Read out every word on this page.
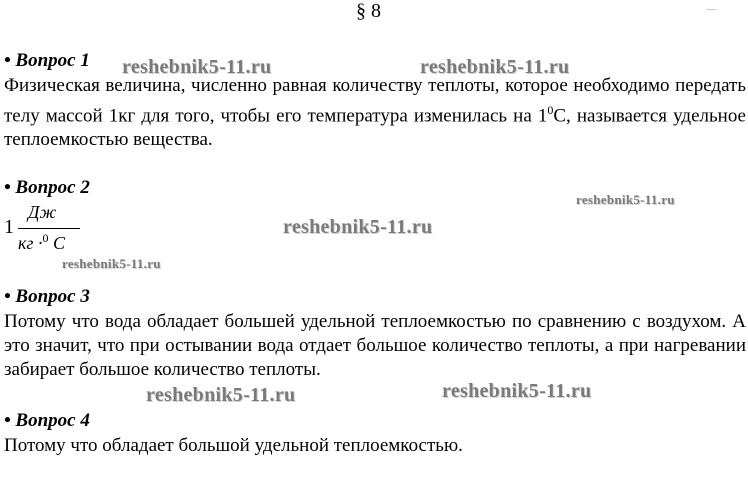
§ 8	—
• Вопрос 1
Физическая величина, численно равная количеству теплоты, которое необходимо передать телу массой 1кг для того, чтобы его температура изменилась на $1^0С$, называется удельное теплоемкостью вещества.
• Вопрос 2
1
Дж
кг ·$^0$ С
• Вопрос 3
Потому что вода обладает большей удельной теплоемкостью по сравнению с воздухом. А это значит, что при остывании вода отдает большое количество теплоты, а при нагревании забирает большое количество теплоты.
• Вопрос 4
Потому что обладает большой удельной теплоемкостью.
reshebnik5-11.ru	reshebnik5-11.ru
reshebnik5-11.ru
reshebnik5-11.ru
reshebnik5-11.ru
reshebnik5-11.ru	reshebnik5-11.ru
